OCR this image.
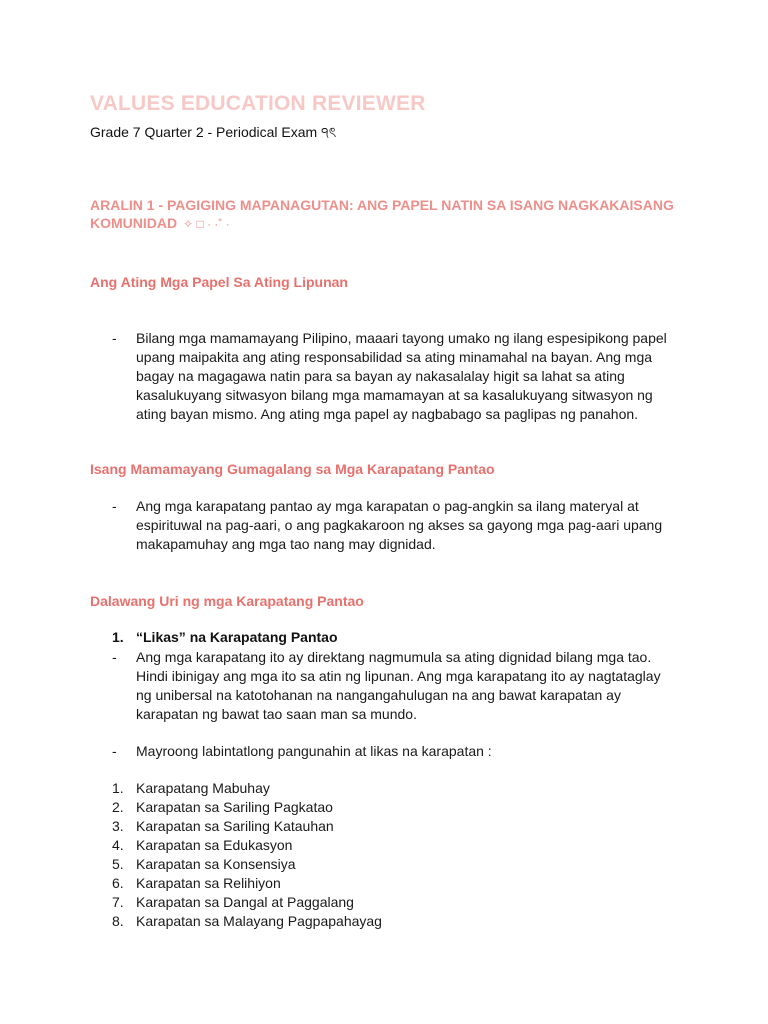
VALUES EDUCATION REVIEWER
Grade 7 Quarter 2 - Periodical Exam ੧ৎ
ARALIN 1 - PAGIGING MAPANAGUTAN: ANG PAPEL NATIN SA ISANG NAGKAKAISANG KOMUNIDAD ✧ □ · ·˚ ·
Ang Ating Mga Papel Sa Ating Lipunan
- Bilang mga mamamayang Pilipino, maaari tayong umako ng ilang espesipikong papel upang maipakita ang ating responsabilidad sa ating minamahal na bayan. Ang mga bagay na magagawa natin para sa bayan ay nakasalalay higit sa lahat sa ating kasalukuyang sitwasyon bilang mga mamamayan at sa kasalukuyang sitwasyon ng ating bayan mismo. Ang ating mga papel ay nagbabago sa paglipas ng panahon.
Isang Mamamayang Gumagalang sa Mga Karapatang Pantao
- Ang mga karapatang pantao ay mga karapatan o pag-angkin sa ilang materyal at espirituwal na pag-aari, o ang pagkakaroon ng akses sa gayong mga pag-aari upang makapamuhay ang mga tao nang may dignidad.
Dalawang Uri ng mga Karapatang Pantao
1. “Likas” na Karapatang Pantao
- Ang mga karapatang ito ay direktang nagmumula sa ating dignidad bilang mga tao. Hindi ibinigay ang mga ito sa atin ng lipunan. Ang mga karapatang ito ay nagtataglay ng unibersal na katotohanan na nangangahulugan na ang bawat karapatan ay karapatan ng bawat tao saan man sa mundo.
- Mayroong labintatlong pangunahin at likas na karapatan :
1. Karapatang Mabuhay
2. Karapatan sa Sariling Pagkatao
3. Karapatan sa Sariling Katauhan
4. Karapatan sa Edukasyon
5. Karapatan sa Konsensiya
6. Karapatan sa Relihiyon
7. Karapatan sa Dangal at Paggalang
8. Karapatan sa Malayang Pagpapahayag
